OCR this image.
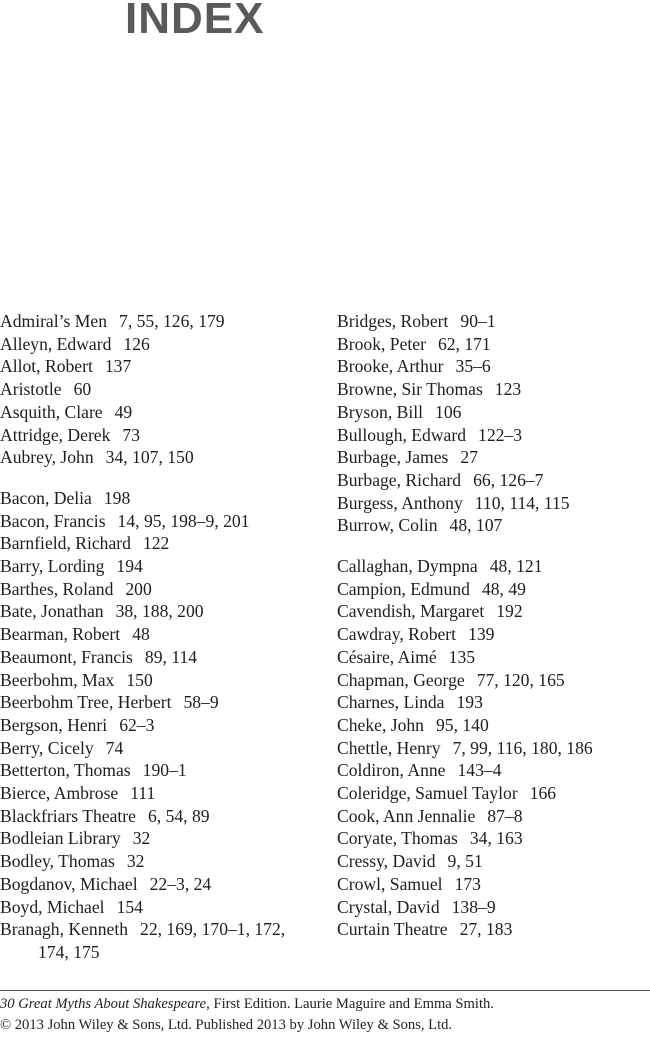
INDEX
Admiral’s Men 7, 55, 126, 179
Alleyn, Edward 126
Allot, Robert 137
Aristotle 60
Asquith, Clare 49
Attridge, Derek 73
Aubrey, John 34, 107, 150
Bacon, Delia 198
Bacon, Francis 14, 95, 198–9, 201
Barnfield, Richard 122
Barry, Lording 194
Barthes, Roland 200
Bate, Jonathan 38, 188, 200
Bearman, Robert 48
Beaumont, Francis 89, 114
Beerbohm, Max 150
Beerbohm Tree, Herbert 58–9
Bergson, Henri 62–3
Berry, Cicely 74
Betterton, Thomas 190–1
Bierce, Ambrose 111
Blackfriars Theatre 6, 54, 89
Bodleian Library 32
Bodley, Thomas 32
Bogdanov, Michael 22–3, 24
Boyd, Michael 154
Branagh, Kenneth 22, 169, 170–1, 172, 174, 175
Bridges, Robert 90–1
Brook, Peter 62, 171
Brooke, Arthur 35–6
Browne, Sir Thomas 123
Bryson, Bill 106
Bullough, Edward 122–3
Burbage, James 27
Burbage, Richard 66, 126–7
Burgess, Anthony 110, 114, 115
Burrow, Colin 48, 107
Callaghan, Dympna 48, 121
Campion, Edmund 48, 49
Cavendish, Margaret 192
Cawdray, Robert 139
Césaire, Aimé 135
Chapman, George 77, 120, 165
Charnes, Linda 193
Cheke, John 95, 140
Chettle, Henry 7, 99, 116, 180, 186
Coldiron, Anne 143–4
Coleridge, Samuel Taylor 166
Cook, Ann Jennalie 87–8
Coryate, Thomas 34, 163
Cressy, David 9, 51
Crowl, Samuel 173
Crystal, David 138–9
Curtain Theatre 27, 183
30 Great Myths About Shakespeare, First Edition. Laurie Maguire and Emma Smith.
© 2013 John Wiley & Sons, Ltd. Published 2013 by John Wiley & Sons, Ltd.
